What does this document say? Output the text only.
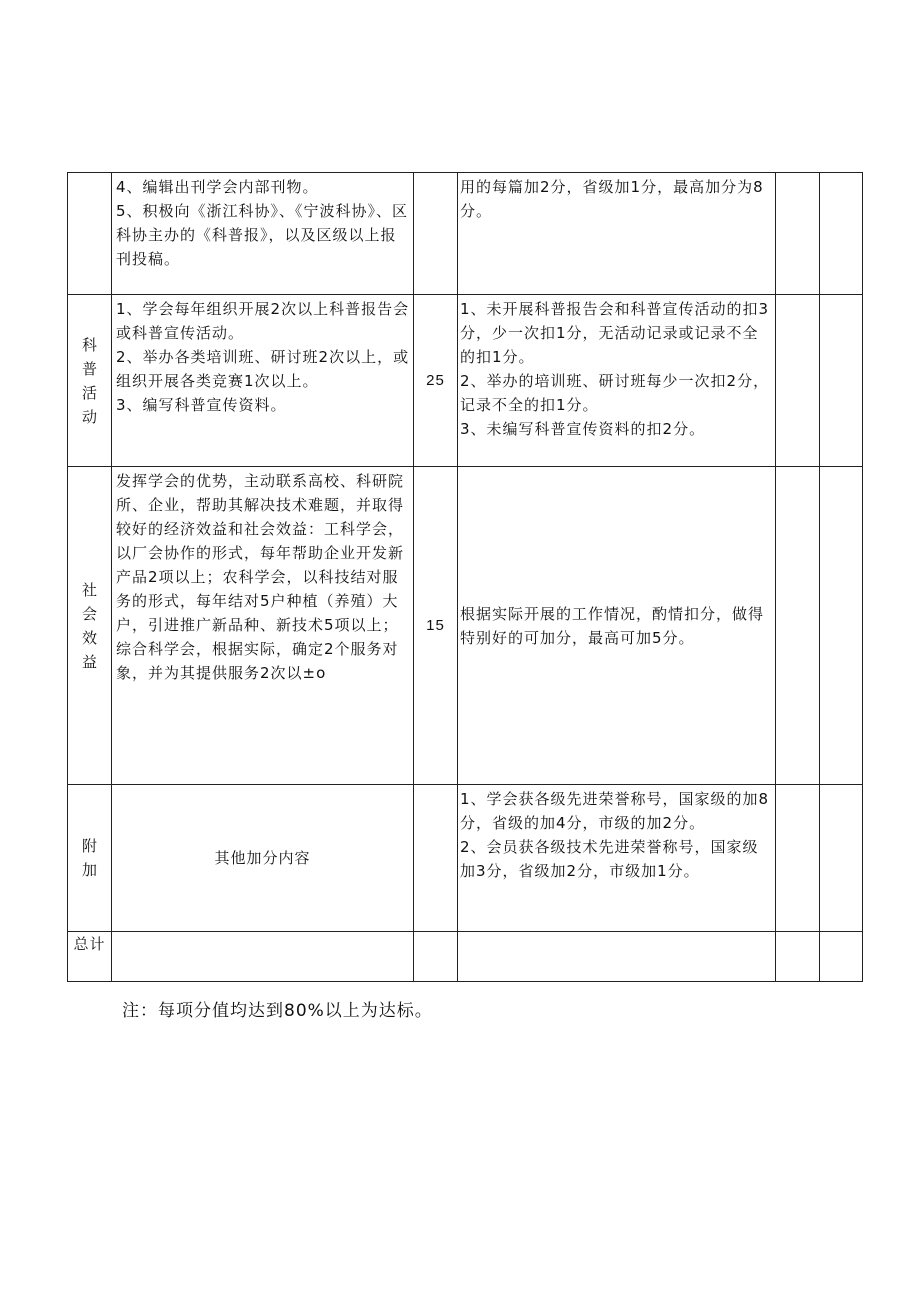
	4、编辑出刊学会内部刊物。
5、积极向《浙江科协》、《宁波科协》、区科协主办的《科普报》，以及区级以上报刊投稿。		用的每篇加2分，省级加1分，最高加分为8分。		

科普活动	1、学会每年组织开展2次以上科普报告会或科普宣传活动。
2、举办各类培训班、研讨班2次以上，或组织开展各类竞赛1次以上。
3、编写科普宣传资料。	25	1、未开展科普报告会和科普宣传活动的扣3分，少一次扣1分，无活动记录或记录不全的扣1分。
2、举办的培训班、研讨班每少一次扣2分，记录不全的扣1分。
3、未编写科普宣传资料的扣2分。		

社会效益	发挥学会的优势，主动联系高校、科研院所、企业，帮助其解决技术难题，并取得较好的经济效益和社会效益：工科学会，以厂会协作的形式，每年帮助企业开发新产品2项以上；农科学会，以科技结对服务的形式，每年结对5户种植（养殖）大户，引进推广新品种、新技术5项以上；综合科学会，根据实际，确定2个服务对象，并为其提供服务2次以±o	15	根据实际开展的工作情况，酌情扣分，做得特别好的可加分，最高可加5分。		

附加	其他加分内容		1、学会获各级先进荣誉称号，国家级的加8分，省级的加4分，市级的加2分。
2、会员获各级技术先进荣誉称号，国家级加3分，省级加2分，市级加1分。		

总计					
注：每项分值均达到80%以上为达标。
